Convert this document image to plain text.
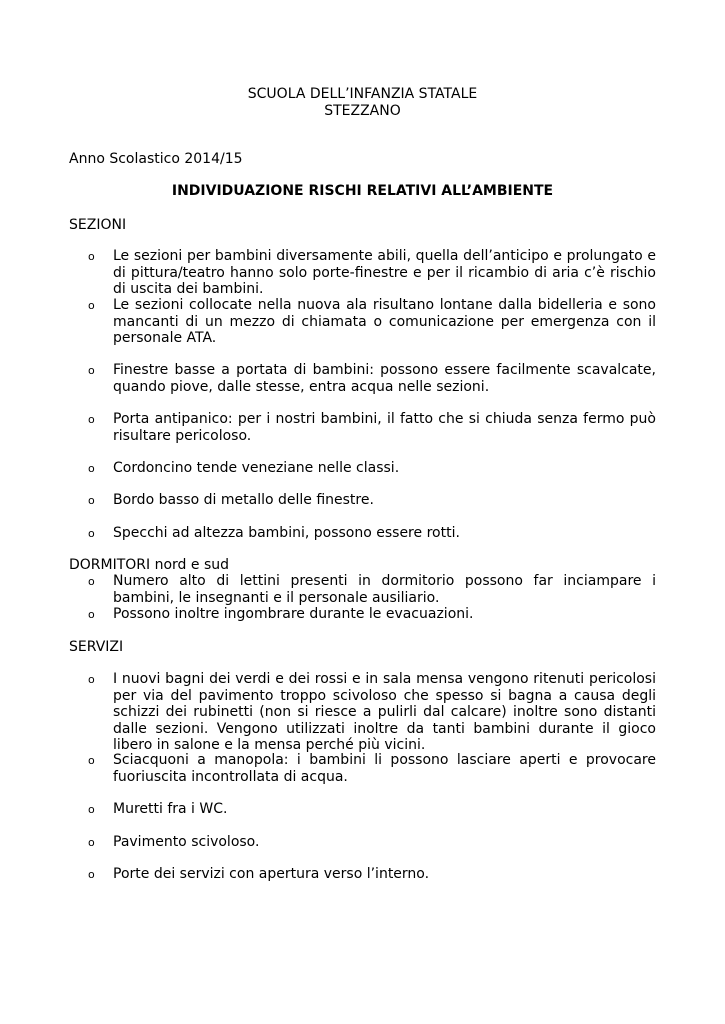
SCUOLA DELL’INFANZIA STATALE
STEZZANO
Anno Scolastico 2014/15
INDIVIDUAZIONE RISCHI RELATIVI ALL’AMBIENTE
SEZIONI
o Le sezioni per bambini diversamente abili, quella dell’anticipo e prolungato e di pittura/teatro hanno solo porte-finestre e per il ricambio di aria c’è rischio di uscita dei bambini.
o Le sezioni collocate nella nuova ala risultano lontane dalla bidelleria e sono mancanti di un mezzo di chiamata o comunicazione per emergenza con il personale ATA.
o Finestre basse a portata di bambini: possono essere facilmente scavalcate, quando piove, dalle stesse, entra acqua nelle sezioni.
o Porta antipanico: per i nostri bambini, il fatto che si chiuda senza fermo può risultare pericoloso.
o Cordoncino tende veneziane nelle classi.
o Bordo basso di metallo delle finestre.
o Specchi ad altezza bambini, possono essere rotti.
DORMITORI nord e sud
o Numero alto di lettini presenti in dormitorio possono far inciampare i bambini, le insegnanti e il personale ausiliario.
o Possono inoltre ingombrare durante le evacuazioni.
SERVIZI
o I nuovi bagni dei verdi e dei rossi e in sala mensa vengono ritenuti pericolosi per via del pavimento troppo scivoloso che spesso si bagna a causa degli schizzi dei rubinetti (non si riesce a pulirli dal calcare) inoltre sono distanti dalle sezioni. Vengono utilizzati inoltre da tanti bambini durante il gioco libero in salone e la mensa perché più vicini.
o Sciacquoni a manopola: i bambini li possono lasciare aperti e provocare fuoriuscita incontrollata di acqua.
o Muretti fra i WC.
o Pavimento scivoloso.
o Porte dei servizi con apertura verso l’interno.
